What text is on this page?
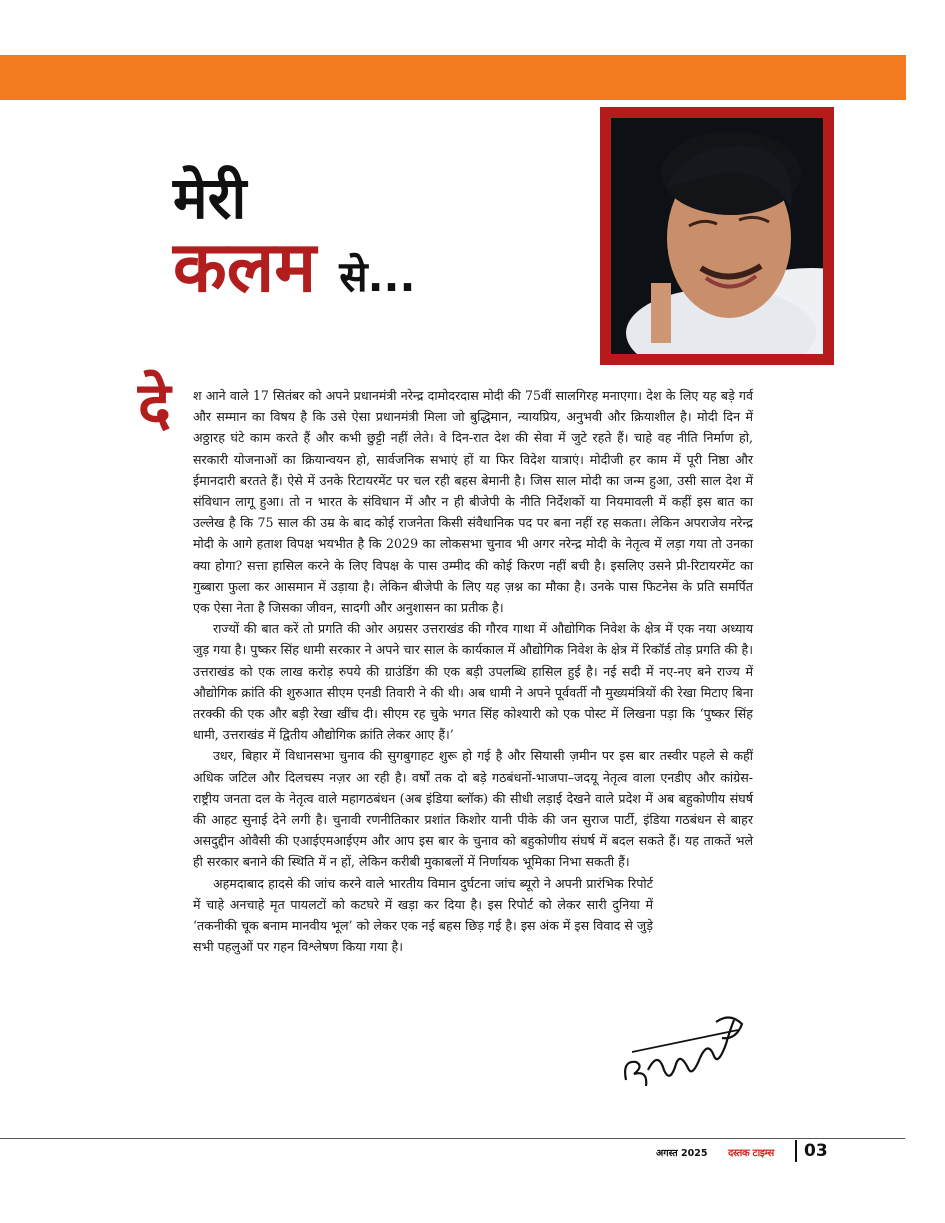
मेरी
कलम से...
दे श आने वाले 17 सितंबर को अपने प्रधानमंत्री नरेन्द्र दामोदरदास मोदी की 75वीं सालगिरह मनाएगा। देश के लिए यह बड़े गर्व और सम्मान का विषय है कि उसे ऐसा प्रधानमंत्री मिला जो बुद्धिमान, न्यायप्रिय, अनुभवी और क्रियाशील है। मोदी दिन में अठ्ठारह घंटे काम करते हैं और कभी छुट्टी नहीं लेते। वे दिन-रात देश की सेवा में जुटे रहते हैं। चाहे वह नीति निर्माण हो, सरकारी योजनाओं का क्रियान्वयन हो, सार्वजनिक सभाएं हों या फिर विदेश यात्राएं। मोदीजी हर काम में पूरी निष्ठा और ईमानदारी बरतते हैं। ऐसे में उनके रिटायरमेंट पर चल रही बहस बेमानी है। जिस साल मोदी का जन्म हुआ, उसी साल देश में संविधान लागू हुआ। तो न भारत के संविधान में और न ही बीजेपी के नीति निर्देशकों या नियमावली में कहीं इस बात का उल्लेख है कि 75 साल की उम्र के बाद कोई राजनेता किसी संवैधानिक पद पर बना नहीं रह सकता। लेकिन अपराजेय नरेन्द्र मोदी के आगे हताश विपक्ष भयभीत है कि 2029 का लोकसभा चुनाव भी अगर नरेन्द्र मोदी के नेतृत्व में लड़ा गया तो उनका क्या होगा? सत्ता हासिल करने के लिए विपक्ष के पास उम्मीद की कोई किरण नहीं बची है। इसलिए उसने प्री-रिटायरमेंट का गुब्बारा फुला कर आसमान में उड़ाया है। लेकिन बीजेपी के लिए यह ज़श्न का मौका है। उनके पास फिटनेस के प्रति समर्पित एक ऐसा नेता है जिसका जीवन, सादगी और अनुशासन का प्रतीक है।

राज्यों की बात करें तो प्रगति की ओर अग्रसर उत्तराखंड की गौरव गाथा में औद्योगिक निवेश के क्षेत्र में एक नया अध्याय जुड़ गया है। पुष्कर सिंह धामी सरकार ने अपने चार साल के कार्यकाल में औद्योगिक निवेश के क्षेत्र में रिकॉर्ड तोड़ प्रगति की है। उत्तराखंड को एक लाख करोड़ रुपये की ग्राउंडिंग की एक बड़ी उपलब्धि हासिल हुई है। नई सदी में नए-नए बने राज्य में औद्योगिक क्रांति की शुरुआत सीएम एनडी तिवारी ने की थी। अब धामी ने अपने पूर्ववर्ती नौ मुख्यमंत्रियों की रेखा मिटाए बिना तरक्की की एक और बड़ी रेखा खींच दी। सीएम रह चुके भगत सिंह कोश्यारी को एक पोस्ट में लिखना पड़ा कि ‘पुष्कर सिंह धामी, उत्तराखंड में द्वितीय औद्योगिक क्रांति लेकर आए हैं।’

उधर, बिहार में विधानसभा चुनाव की सुगबुगाहट शुरू हो गई है और सियासी ज़मीन पर इस बार तस्वीर पहले से कहीं अधिक जटिल और दिलचस्प नज़र आ रही है। वर्षों तक दो बड़े गठबंधनों-भाजपा–जदयू नेतृत्व वाला एनडीए और कांग्रेस-राष्ट्रीय जनता दल के नेतृत्व वाले महागठबंधन (अब इंडिया ब्लॉक) की सीधी लड़ाई देखने वाले प्रदेश में अब बहुकोणीय संघर्ष की आहट सुनाई देने लगी है। चुनावी रणनीतिकार प्रशांत किशोर यानी पीके की जन सुराज पार्टी, इंडिया गठबंधन से बाहर असदुद्दीन ओवैसी की एआईएमआईएम और आप इस बार के चुनाव को बहुकोणीय संघर्ष में बदल सकते हैं। यह ताकतें भले ही सरकार बनाने की स्थिति में न हों, लेकिन करीबी मुकाबलों में निर्णायक भूमिका निभा सकती हैं।

अहमदाबाद हादसे की जांच करने वाले भारतीय विमान दुर्घटना जांच ब्यूरो ने अपनी प्रारंभिक रिपोर्ट में चाहे अनचाहे मृत पायलटों को कटघरे में खड़ा कर दिया है। इस रिपोर्ट को लेकर सारी दुनिया में ‘तकनीकी चूक बनाम मानवीय भूल’ को लेकर एक नई बहस छिड़ गई है। इस अंक में इस विवाद से जुड़े सभी पहलुओं पर गहन विश्लेषण किया गया है।

अगस्त 2025 दस्तक टाइम्स 03
